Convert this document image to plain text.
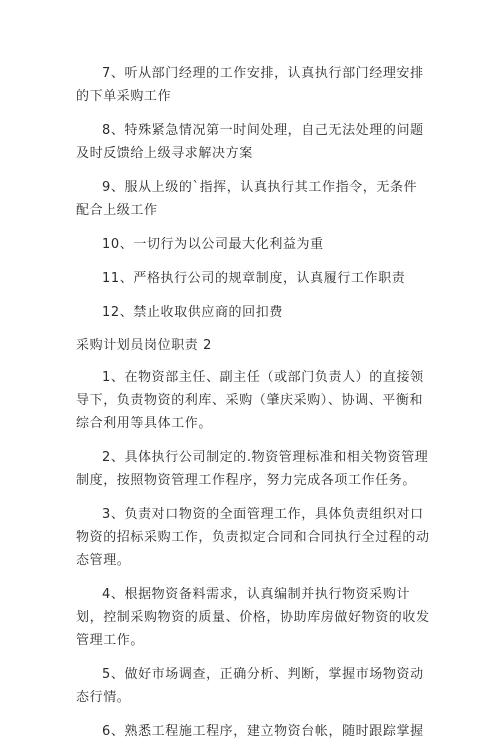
7、听从部门经理的工作安排，认真执行部门经理安排的下单采购工作

8、特殊紧急情况第一时间处理，自己无法处理的问题及时反馈给上级寻求解决方案

9、服从上级的`指挥，认真执行其工作指令，无条件配合上级工作

10、一切行为以公司最大化利益为重

11、严格执行公司的规章制度，认真履行工作职责

12、禁止收取供应商的回扣费

采购计划员岗位职责 2

1、在物资部主任、副主任（或部门负责人）的直接领导下，负责物资的利库、采购（肇庆采购）、协调、平衡和综合利用等具体工作。

2、具体执行公司制定的.物资管理标准和相关物资管理制度，按照物资管理工作程序，努力完成各项工作任务。

3、负责对口物资的全面管理工作，具体负责组织对口物资的招标采购工作，负责拟定合同和合同执行全过程的动态管理。

4、根据物资备料需求，认真编制并执行物资采购计划，控制采购物资的质量、价格，协助库房做好物资的收发管理工作。

5、做好市场调查，正确分析、判断，掌握市场物资动态行情。

6、熟悉工程施工程序，建立物资台帐，随时跟踪掌握
